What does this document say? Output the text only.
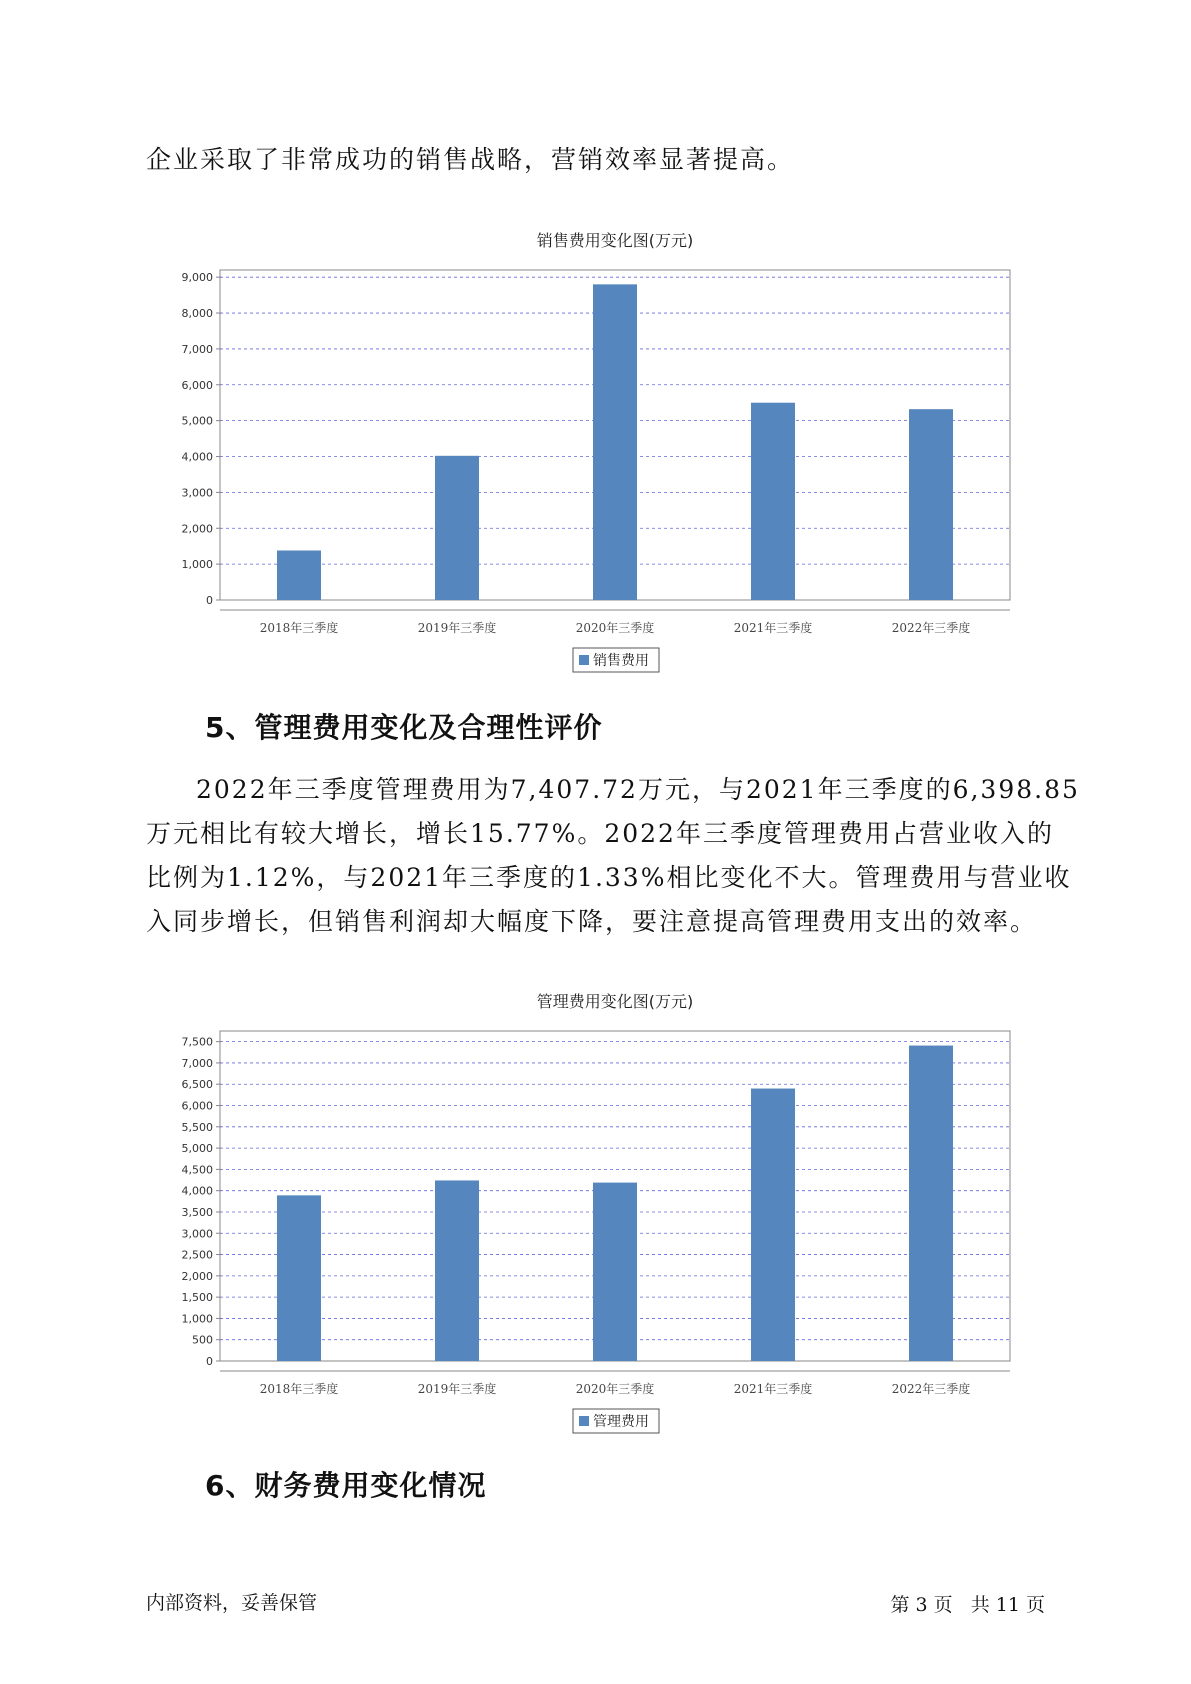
企业采取了非常成功的销售战略，营销效率显著提高。

销售费用变化图(万元)
0
1,000
2,000
3,000
4,000
5,000
6,000
7,000
8,000
9,000
2018年三季度	2019年三季度	2020年三季度	2021年三季度	2022年三季度
销售费用
5、管理费用变化及合理性评价

2022年三季度管理费用为7,407.72万元，与2021年三季度的6,398.85
万元相比有较大增长，增长15.77%。2022年三季度管理费用占营业收入的
比例为1.12%，与2021年三季度的1.33%相比变化不大。管理费用与营业收
入同步增长，但销售利润却大幅度下降，要注意提高管理费用支出的效率。

管理费用变化图(万元)
0
500
1,000
1,500
2,000
2,500
3,000
3,500
4,000
4,500
5,000
5,500
6,000
6,500
7,000
7,500
2018年三季度	2019年三季度	2020年三季度	2021年三季度	2022年三季度
管理费用
6、财务费用变化情况
内部资料，妥善保管	第 3 页   共 11 页
